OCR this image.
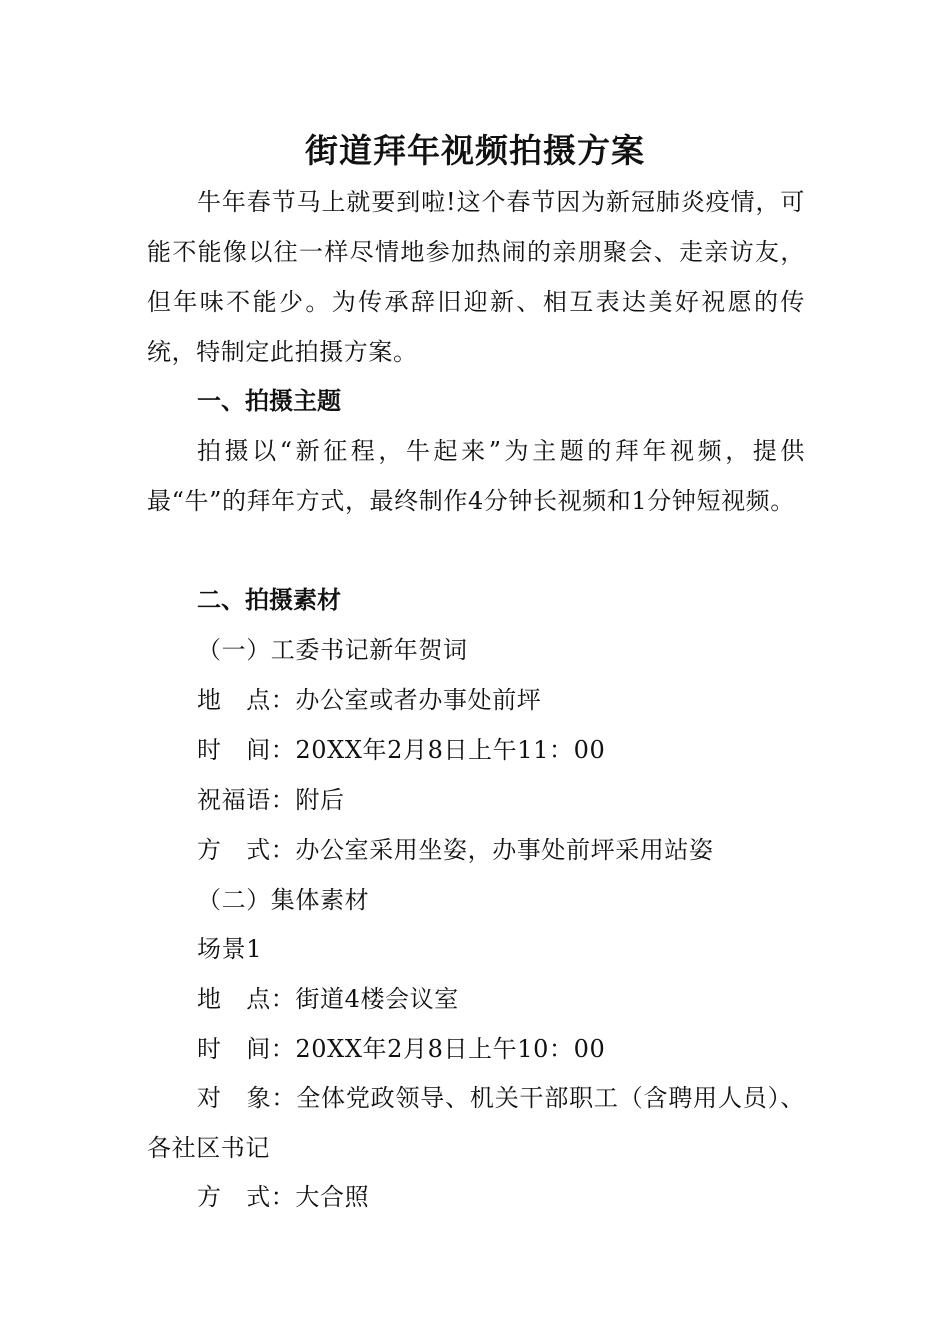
街道拜年视频拍摄方案

牛年春节马上就要到啦!这个春节因为新冠肺炎疫情，可能不能像以往一样尽情地参加热闹的亲朋聚会、走亲访友，但年味不能少。为传承辞旧迎新、相互表达美好祝愿的传统，特制定此拍摄方案。

一、拍摄主题

拍摄以“新征程，牛起来”为主题的拜年视频，提供最“牛”的拜年方式，最终制作4分钟长视频和1分钟短视频。

二、拍摄素材

（一）工委书记新年贺词

地　点：办公室或者办事处前坪

时　间：20XX年2月8日上午11：00

祝福语：附后

方　式：办公室采用坐姿，办事处前坪采用站姿

（二）集体素材

场景1

地　点：街道4楼会议室

时　间：20XX年2月8日上午10：00

对　象：全体党政领导、机关干部职工（含聘用人员）、各社区书记

方　式：大合照
